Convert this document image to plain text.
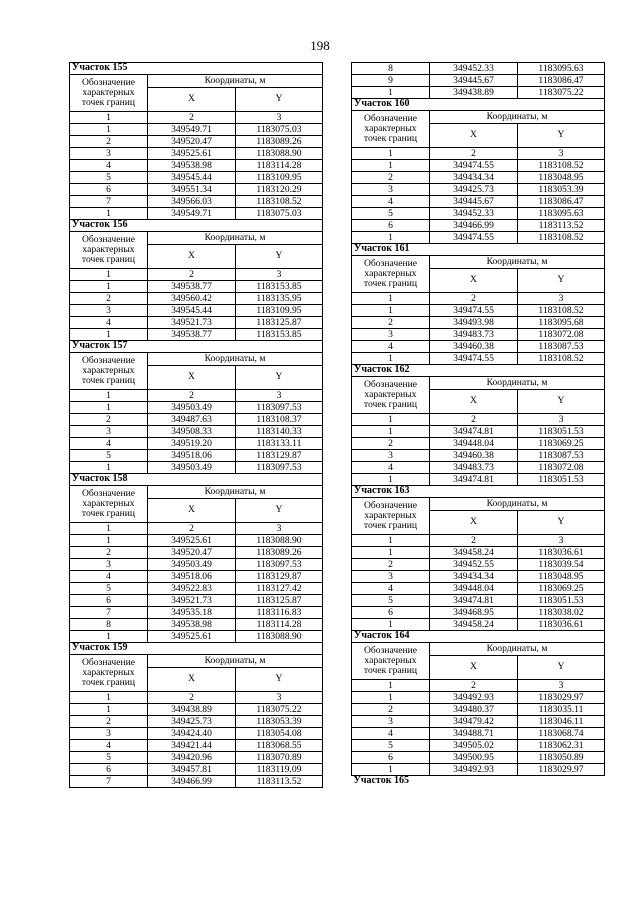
198
Участок 155		
Обозначение характерных точек границ	Координаты, м	
	X	Y
1	2	3
1	349549.71	1183075.03
2	349520.47	1183089.26
3	349525.61	1183088.90
4	349538.98	1183114.28
5	349545.44	1183109.95
6	349551.34	1183120.29
7	349566.03	1183108.52
1	349549.71	1183075.03
Участок 156		
Обозначение характерных точек границ	Координаты, м	
	X	Y
1	2	3
1	349538.77	1183153.85
2	349560.42	1183135.95
3	349545.44	1183109.95
4	349521.73	1183125.87
1	349538.77	1183153.85
Участок 157		
Обозначение характерных точек границ	Координаты, м	
	X	Y
1	2	3
1	349503.49	1183097.53
2	349487.63	1183108.37
3	349508.33	1183140.33
4	349519.20	1183133.11
5	349518.06	1183129.87
1	349503.49	1183097.53
Участок 158		
Обозначение характерных точек границ	Координаты, м	
	X	Y
1	2	3
1	349525.61	1183088.90
2	349520.47	1183089.26
3	349503.49	1183097.53
4	349518.06	1183129.87
5	349522.83	1183127.42
6	349521.73	1183125.87
7	349535.18	1183116.83
8	349538.98	1183114.28
1	349525.61	1183088.90
Участок 159		
Обозначение характерных точек границ	Координаты, м	
	X	Y
1	2	3
1	349438.89	1183075.22
2	349425.73	1183053.39
3	349424.40	1183054.08
4	349421.44	1183068.55
5	349420.96	1183070.89
6	349457.81	1183119.09
7	349466.99	1183113.52
8	349452.33	1183095.63
9	349445.67	1183086.47
1	349438.89	1183075.22
Участок 160		
Обозначение характерных точек границ	Координаты, м	
	X	Y
1	2	3
1	349474.55	1183108.52
2	349434.34	1183048.95
3	349425.73	1183053.39
4	349445.67	1183086.47
5	349452.33	1183095.63
6	349466.99	1183113.52
1	349474.55	1183108.52
Участок 161		
Обозначение характерных точек границ	Координаты, м	
	X	Y
1	2	3
1	349474.55	1183108.52
2	349493.98	1183095.68
3	349483.73	1183072.08
4	349460.38	1183087.53
1	349474.55	1183108.52
Участок 162		
Обозначение характерных точек границ	Координаты, м	
	X	Y
1	2	3
1	349474.81	1183051.53
2	349448.04	1183069.25
3	349460.38	1183087.53
4	349483.73	1183072.08
1	349474.81	1183051.53
Участок 163		
Обозначение характерных точек границ	Координаты, м	
	X	Y
1	2	3
1	349458.24	1183036.61
2	349452.55	1183039.54
3	349434.34	1183048.95
4	349448.04	1183069.25
5	349474.81	1183051.53
6	349468.95	1183038.02
1	349458.24	1183036.61
Участок 164		
Обозначение характерных точек границ	Координаты, м	
	X	Y
1	2	3
1	349492.93	1183029.97
2	349480.37	1183035.11
3	349479.42	1183046.11
4	349488.71	1183068.74
5	349505.02	1183062.31
6	349500.95	1183050.89
1	349492.93	1183029.97
Участок 165		
